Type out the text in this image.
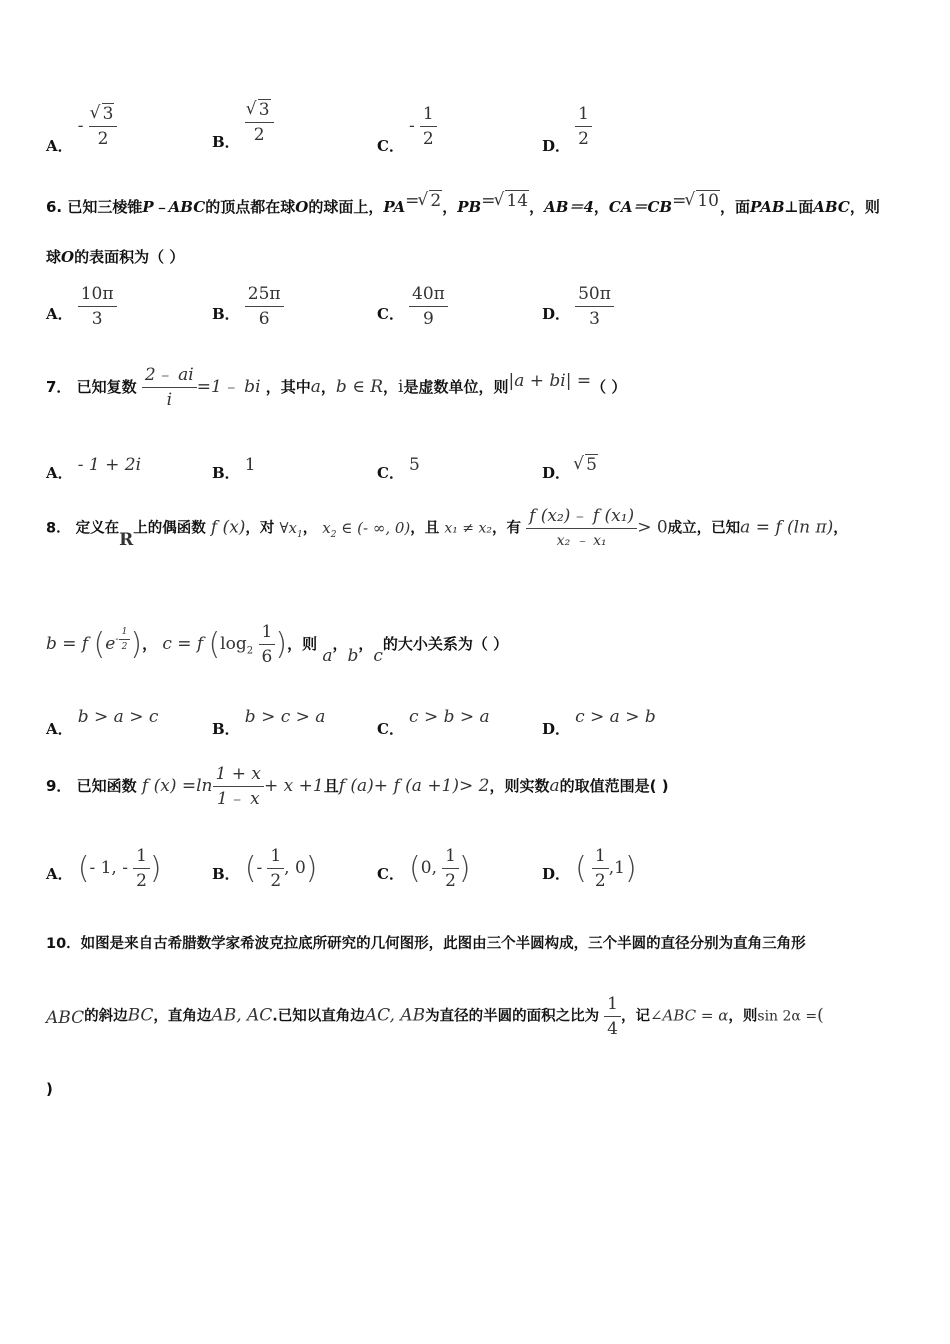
A． - √ $\frac{3}{2}$	B． √ $\frac{3}{2}$
C． - $\frac{1}{2}$	D． $\frac{1}{2}$
6. 已知三棱锥P﹣ABC的顶点都在球O的球面上，PA= √ 2，PB= √ 14，AB＝4，CA＝CB= √ 10，面PAB⊥面ABC，则
球O的表面积为（ ）
A． $\frac{10\pi}{3}$	B． $\frac{25\pi}{6}$	C． $\frac{40\pi}{9}$	D． $\frac{50\pi}{3}$
7． 已知复数 $\frac{2﹣ ai}{i}$ =1﹣ bi ，其中a，b ∈ R，i是虚数单位，则|a + bi| =（ ）
A． - 1 + 2i	B． 1	C． 5	D． √ 5
8． 定义在R上的偶函数 f (x)，对 $\forall x_1$， $x_2$ ∈ (- ∞, 0)，且 x₁ ≠ x₂，有 $\frac{\text{f (x₂)﹣ f (x₁)}}{\text{x₂ ﹣ x₁}} > 0$成立，已知a = f (ln π)，
b = f ($e^{- \frac{1}{2}}$ )， c = f ($\log_2 \frac{1}{6}$ )，则 a，b，c的大小关系为（ ）
A． b > a > c
B． b > c > a
C． c > b > a
D． c > a > b
9． 已知函数 f $(x) =\ln \frac{1 + x}{1﹣ x} + x +1$且f (a)+ f (a +1)> 2，则实数a的取值范围是( )
A． (- 1, - $\frac{1}{2}$ )	B． (- $\frac{1}{2}$ , 0)	C． (0, $\frac{1}{2}$ )	D． ( $\frac{1}{2} ,1$)
10．如图是来自古希腊数学家希波克拉底所研究的几何图形，此图由三个半圆构成，三个半圆的直径分别为直角三角形
ABC的斜边BC，直角边AB, AC.已知以直角边AC, AB为直径的半圆的面积之比为 $\frac{1}{4}$ ，记∠ABC = α，则sin 2α =(
)
